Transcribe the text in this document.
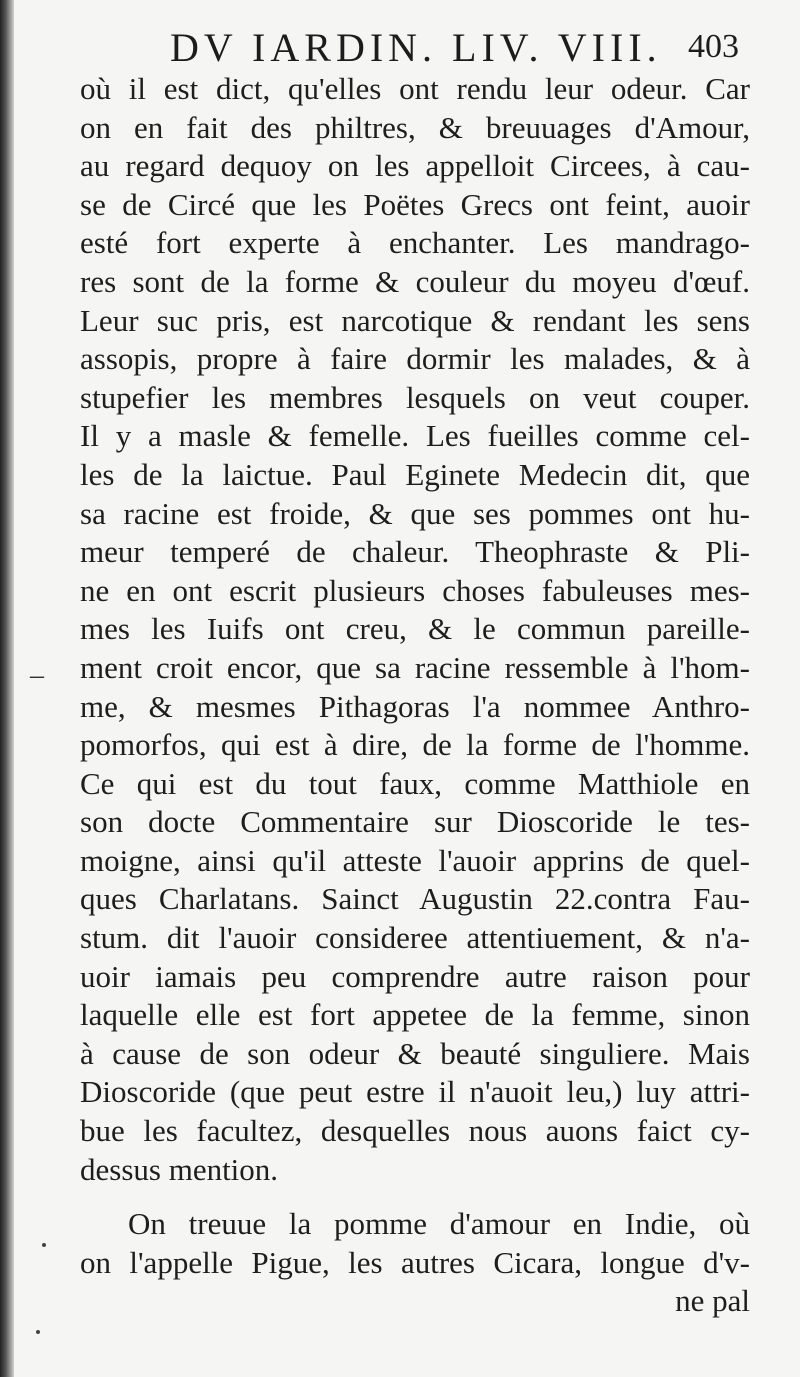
DV IARDIN. LIV. VIII. 403
–
où il est dict, qu'elles ont rendu leur odeur. Car
on en fait des philtres, & breuuages d'Amour,
au regard dequoy on les appelloit Circees, à cau-
se de Circé que les Poëtes Grecs ont feint, auoir
esté fort experte à enchanter. Les mandrago-
res sont de la forme & couleur du moyeu d'œuf.
Leur suc pris, est narcotique & rendant les sens
assopis, propre à faire dormir les malades, & à
stupefier les membres lesquels on veut couper.
Il y a masle & femelle. Les fueilles comme cel-
les de la laictue. Paul Eginete Medecin dit, que
sa racine est froide, & que ses pommes ont hu-
meur temperé de chaleur. Theophraste & Pli-
ne en ont escrit plusieurs choses fabuleuses mes-
mes les Iuifs ont creu, & le commun pareille-
ment croit encor, que sa racine ressemble à l'hom-
me, & mesmes Pithagoras l'a nommee Anthro-
pomorfos, qui est à dire, de la forme de l'homme.
Ce qui est du tout faux, comme Matthiole en
son docte Commentaire sur Dioscoride le tes-
moigne, ainsi qu'il atteste l'auoir apprins de quel-
ques Charlatans. Sainct Augustin 22.contra Fau-
stum. dit l'auoir consideree attentiuement, & n'a-
uoir iamais peu comprendre autre raison pour
laquelle elle est fort appetee de la femme, sinon
à cause de son odeur & beauté singuliere. Mais
Dioscoride (que peut estre il n'auoit leu,) luy attri-
bue les facultez, desquelles nous auons faict cy-
dessus mention.
On treuue la pomme d'amour en Indie, où
on l'appelle Pigue, les autres Cicara, longue d'v-
ne pal
